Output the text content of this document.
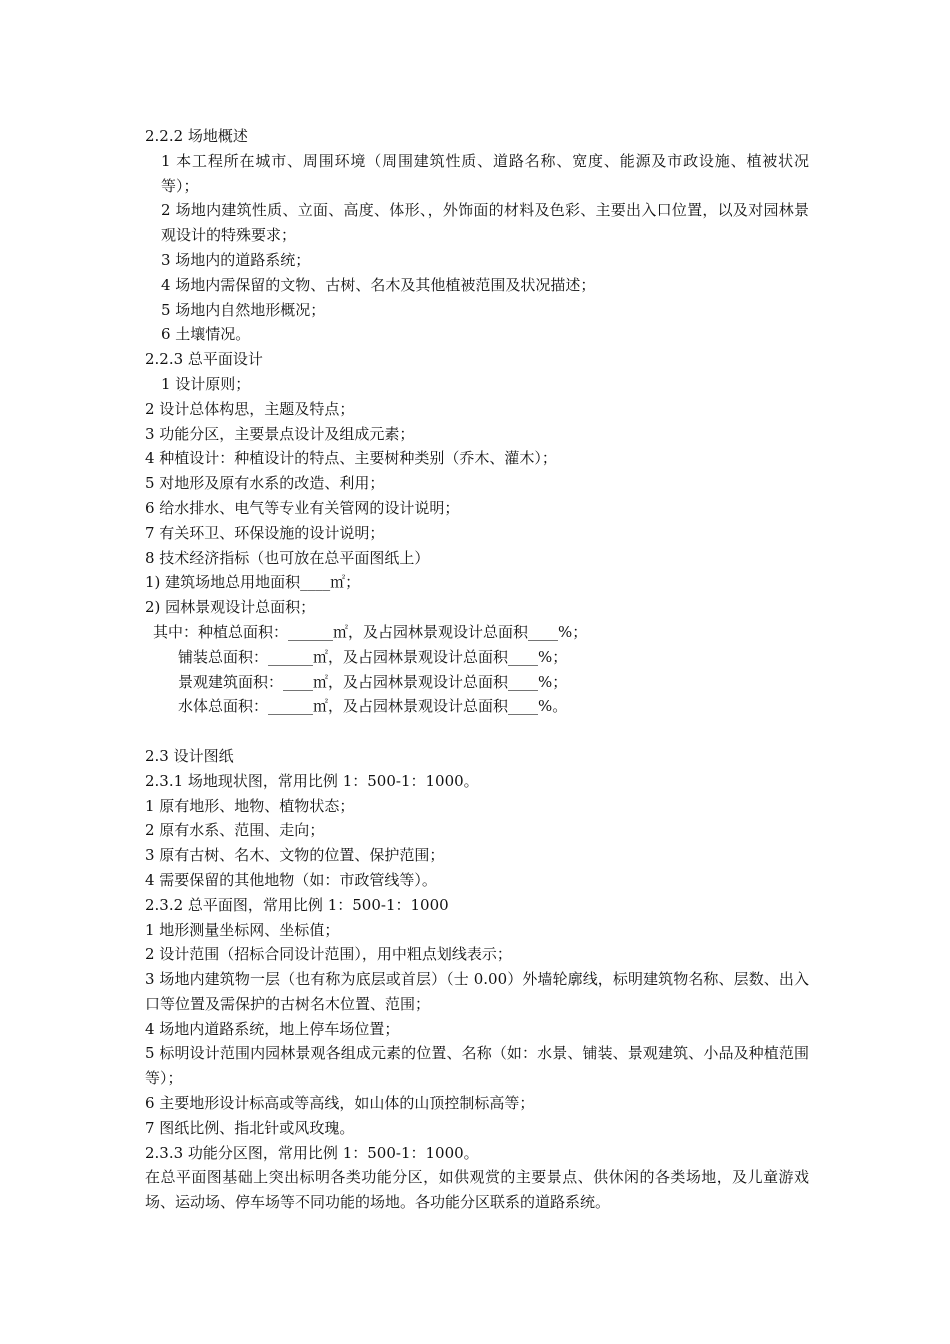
2.2.2 场地概述
1 本工程所在城市、周围环境（周围建筑性质、道路名称、宽度、能源及市政设施、植被状况等）；
2 场地内建筑性质、立面、高度、体形、，外饰面的材料及色彩、主要出入口位置，以及对园林景观设计的特殊要求；
3 场地内的道路系统；
4 场地内需保留的文物、古树、名木及其他植被范围及状况描述；
5 场地内自然地形概况；
6 土壤情况。
2.2.3 总平面设计
1 设计原则；
2 设计总体构思，主题及特点；
3 功能分区，主要景点设计及组成元素；
4 种植设计：种植设计的特点、主要树种类别（乔木、灌木）；
5 对地形及原有水系的改造、利用；
6 给水排水、电气等专业有关管网的设计说明；
7 有关环卫、环保设施的设计说明；
8 技术经济指标（也可放在总平面图纸上）
1) 建筑场地总用地面积____㎡；
2) 园林景观设计总面积；
其中：种植总面积：______㎡，及占园林景观设计总面积____%；
铺装总面积：______㎡，及占园林景观设计总面积____%；
景观建筑面积：____㎡，及占园林景观设计总面积____%；
水体总面积：______㎡，及占园林景观设计总面积____%。
2.3 设计图纸
2.3.1 场地现状图，常用比例 1：500-1：1000。
1 原有地形、地物、植物状态；
2 原有水系、范围、走向；
3 原有古树、名木、文物的位置、保护范围；
4 需要保留的其他地物（如：市政管线等）。
2.3.2 总平面图，常用比例 1：500-1：1000
1 地形测量坐标网、坐标值；
2 设计范围（招标合同设计范围），用中粗点划线表示；
3 场地内建筑物一层（也有称为底层或首层）（士 0.00）外墙轮廓线，标明建筑物名称、层数、出入口等位置及需保护的古树名木位置、范围；
4 场地内道路系统，地上停车场位置；
5 标明设计范围内园林景观各组成元素的位置、名称（如：水景、铺装、景观建筑、小品及种植范围等）；
6 主要地形设计标高或等高线，如山体的山顶控制标高等；
7 图纸比例、指北针或风玫瑰。
2.3.3 功能分区图，常用比例 1：500-1：1000。
在总平面图基础上突出标明各类功能分区，如供观赏的主要景点、供休闲的各类场地，及儿童游戏场、运动场、停车场等不同功能的场地。各功能分区联系的道路系统。
